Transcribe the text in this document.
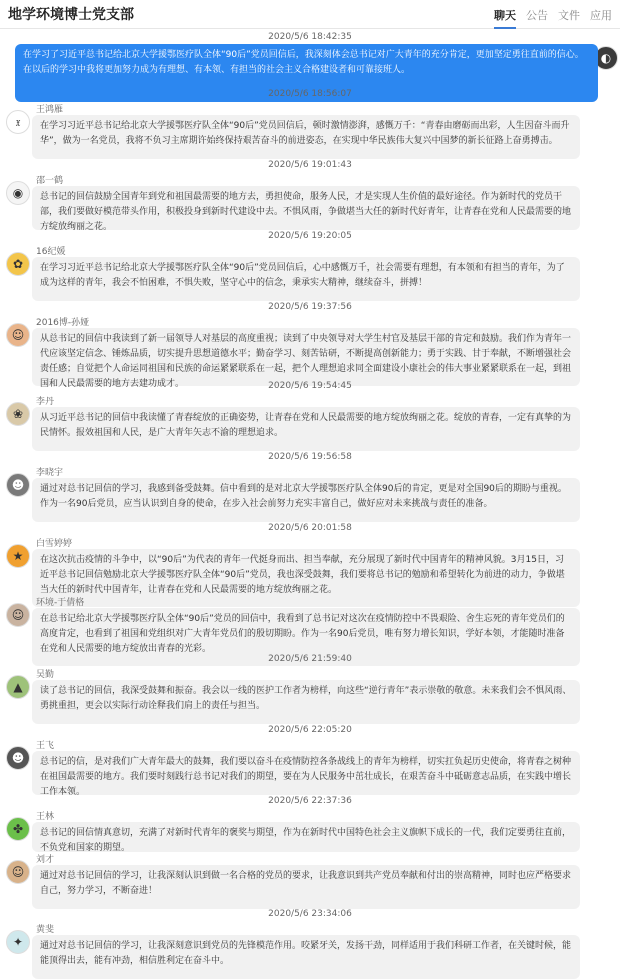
地学环境博士党支部	聊天 公告 文件 应用
2020/5/6 18:42:35
◐
在学习了习近平总书记给北京大学援鄂医疗队全体“90后”党员回信后，我深刻体会总书记对广大青年的充分肯定，更加坚定勇往直前的信心。在以后的学习中我将更加努力成为有理想、有本领、有担当的社会主义合格建设者和可靠接班人。
2020/5/6 18:56:07
𝔵
王鸿雁
在学习习近平总书记给北京大学援鄂医疗队全体“90后”党员回信后，顿时激情澎湃，感慨万千：“青春由磨砺而出彩，人生因奋斗而升华”，做为一名党员，我将不负习主席期许始终保持艰苦奋斗的前进姿态，在实现中华民族伟大复兴中国梦的新长征路上奋勇搏击。
2020/5/6 19:01:43
◉
邵一鹤
总书记的回信鼓励全国青年到党和祖国最需要的地方去，勇担使命，服务人民，才是实现人生价值的最好途径。作为新时代的党员干部，我们要做好模范带头作用，积极投身到新时代建设中去。不惧风雨，争做堪当大任的新时代好青年，让青春在党和人民最需要的地方绽放绚丽之花。
2020/5/6 19:20:05
✿
16纪媛
在学习习近平总书记给北京大学援鄂医疗队全体“90后”党员回信后，心中感慨万千，社会需要有理想，有本领和有担当的青年，为了成为这样的青年，我会不怕困难，不惧失败，坚守心中的信念，秉承实大精神，继续奋斗，拼搏！
2020/5/6 19:37:56
☺
2016博-孙娅
从总书记的回信中我读到了新一届领导人对基层的高度重视；读到了中央领导对大学生村官及基层干部的肯定和鼓励。我们作为青年一代应该坚定信念、锤炼品质，切实提升思想道德水平；勤奋学习、刻苦钻研，不断提高创新能力；勇于实践、甘于奉献，不断增强社会责任感；自觉把个人命运同祖国和民族的命运紧紧联系在一起，把个人理想追求同全面建设小康社会的伟大事业紧紧联系在一起，到祖国和人民最需要的地方去建功成才。	2020/5/6 19:54:45
❀
李丹
从习近平总书记的回信中我读懂了青春绽放的正确姿势，让青春在党和人民最需要的地方绽放绚丽之花。绽放的青春，一定有真挚的为民情怀。报效祖国和人民，是广大青年矢志不渝的理想追求。
2020/5/6 19:56:58
☻
李晓宇
通过对总书记回信的学习，我感到备受鼓舞。信中看到的是对北京大学援鄂医疗队全体90后的肯定，更是对全国90后的期盼与重视。作为一名90后党员，应当认识到自身的使命，在步入社会前努力充实丰富自己，做好应对未来挑战与责任的准备。
2020/5/6 20:01:58
★
白雪婷婷
在这次抗击疫情的斗争中，以“90后”为代表的青年一代挺身而出、担当奉献，充分展现了新时代中国青年的精神风貌。3月15日，习近平总书记回信勉励北京大学援鄂医疗队全体“90后”党员，我也深受鼓舞，我们要将总书记的勉励和希望转化为前进的动力，争做堪当大任的新时代中国青年，让青春在党和人民最需要的地方绽放绚丽之花。
☺
环境-于倩格
在总书记给北京大学援鄂医疗队全体“90后”党员的回信中，我看到了总书记对这次在疫情防控中不畏艰险、舍生忘死的青年党员们的高度肯定，也看到了祖国和党组织对广大青年党员们的殷切期盼。作为一名90后党员，唯有努力增长知识，学好本领，才能随时准备在党和人民需要的地方绽放出青春的光彩。
2020/5/6 21:59:40
▲
吴勤
读了总书记的回信，我深受鼓舞和振奋。我会以一线的医护工作者为榜样，向这些“逆行青年”表示崇敬的敬意。未来我们会不惧风雨、勇挑重担，更会以实际行动诠释我们肩上的责任与担当。
2020/5/6 22:05:20
☻
王飞
总书记的信，是对我们广大青年最大的鼓舞，我们要以奋斗在疫情防控各条战线上的青年为榜样，切实扛负起历史使命，将青春之树种在祖国最需要的地方。我们要时刻践行总书记对我们的期望，要在为人民服务中茁壮成长，在艰苦奋斗中砥砺意志品质，在实践中增长工作本领。
2020/5/6 22:37:36
✤
王林
总书记的回信情真意切，充满了对新时代青年的褒奖与期望，作为在新时代中国特色社会主义旗帜下成长的一代，我们定要勇往直前，不负党和国家的期望。
☺
刘才
通过对总书记回信的学习，让我深刻认识到做一名合格的党员的要求，让我意识到共产党员奉献和付出的崇高精神，同时也应严格要求自己，努力学习，不断奋进！
2020/5/6 23:34:06
✦
黄斐
通过对总书记回信的学习，让我深刻意识到党员的先锋模范作用。咬紧牙关，发扬干劲，同样适用于我们科研工作者，在关键时候，能能顶得出去，能有冲劲，相信胜利定在奋斗中。
